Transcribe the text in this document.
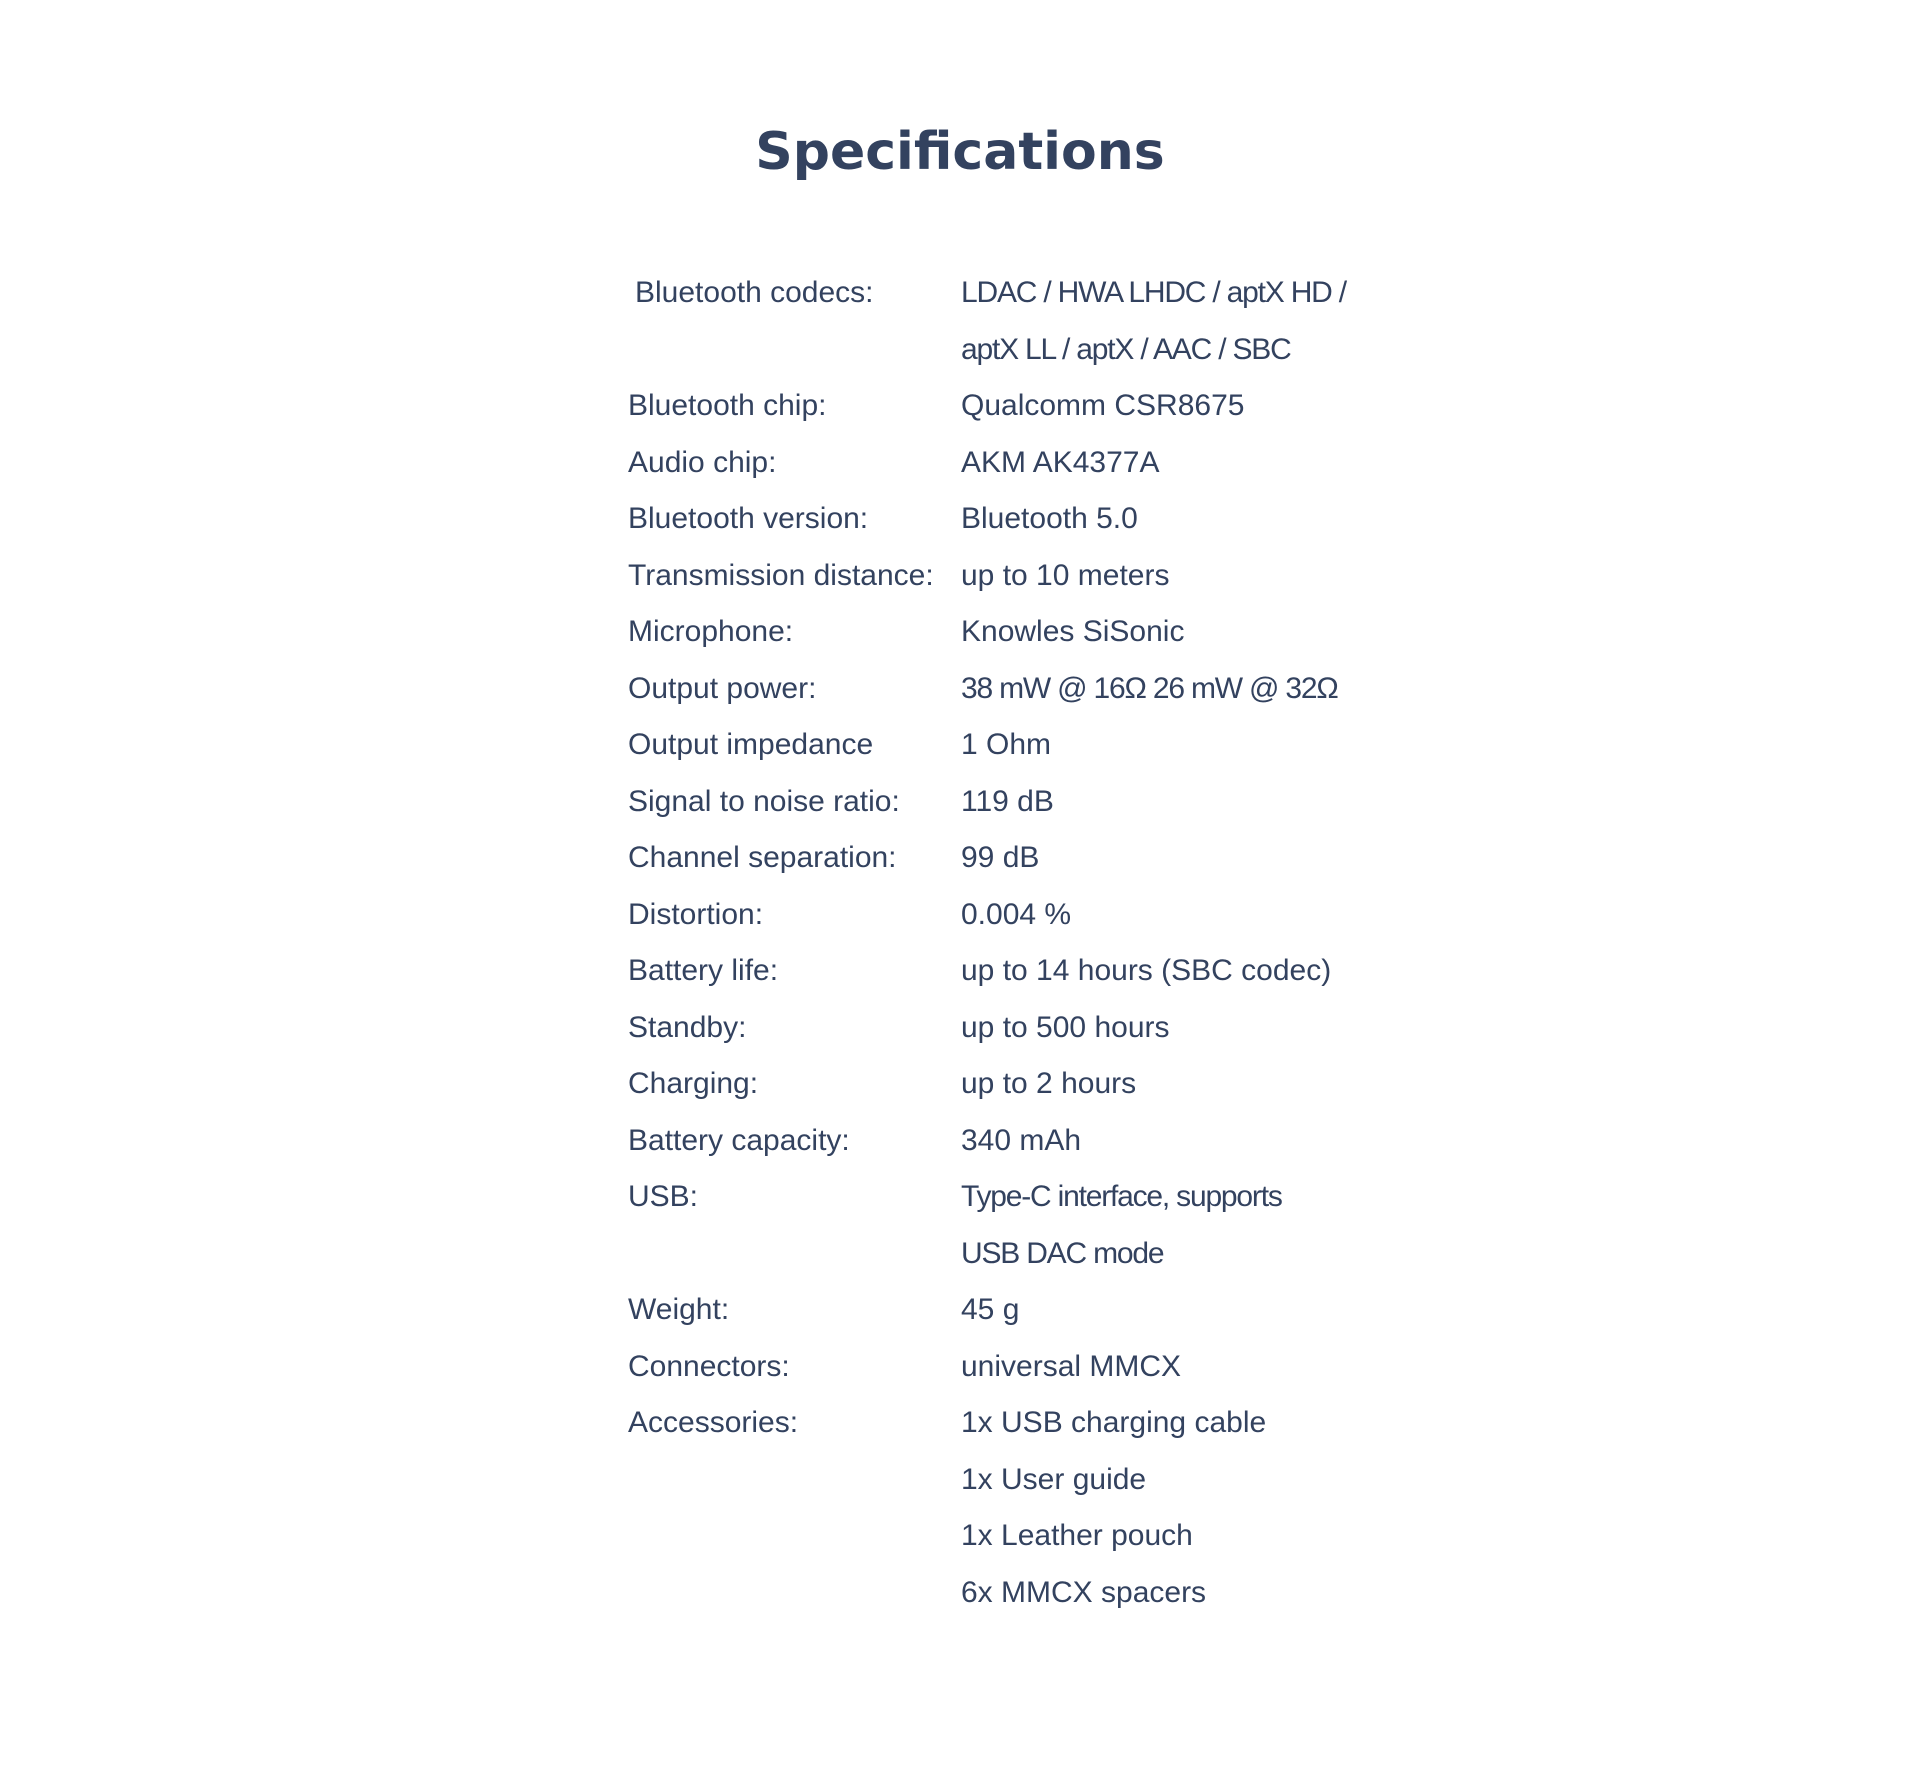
Specifications
Bluetooth codecs:	LDAC / HWA LHDC / aptX HD /
aptX LL / aptX / AAC / SBC
Bluetooth chip:	Qualcomm CSR8675
Audio chip:	AKM AK4377A
Bluetooth version:	Bluetooth 5.0
Transmission distance: up to 10 meters
Microphone:	Knowles SiSonic
Output power:	38 mW @ 16Ω 26 mW @ 32Ω
Output impedance	1 Ohm
Signal to noise ratio:	119 dB
Channel separation:	99 dB
Distortion:	0.004 %
Battery life:	up to 14 hours (SBC codec)
Standby:	up to 500 hours
Charging:	up to 2 hours
Battery capacity:	340 mAh
USB:	Type-C interface, supports
USB DAC mode
Weight:	45 g
Connectors:	universal MMCX
Accessories:	1x USB charging cable
1x User guide
1x Leather pouch
6x MMCX spacers
